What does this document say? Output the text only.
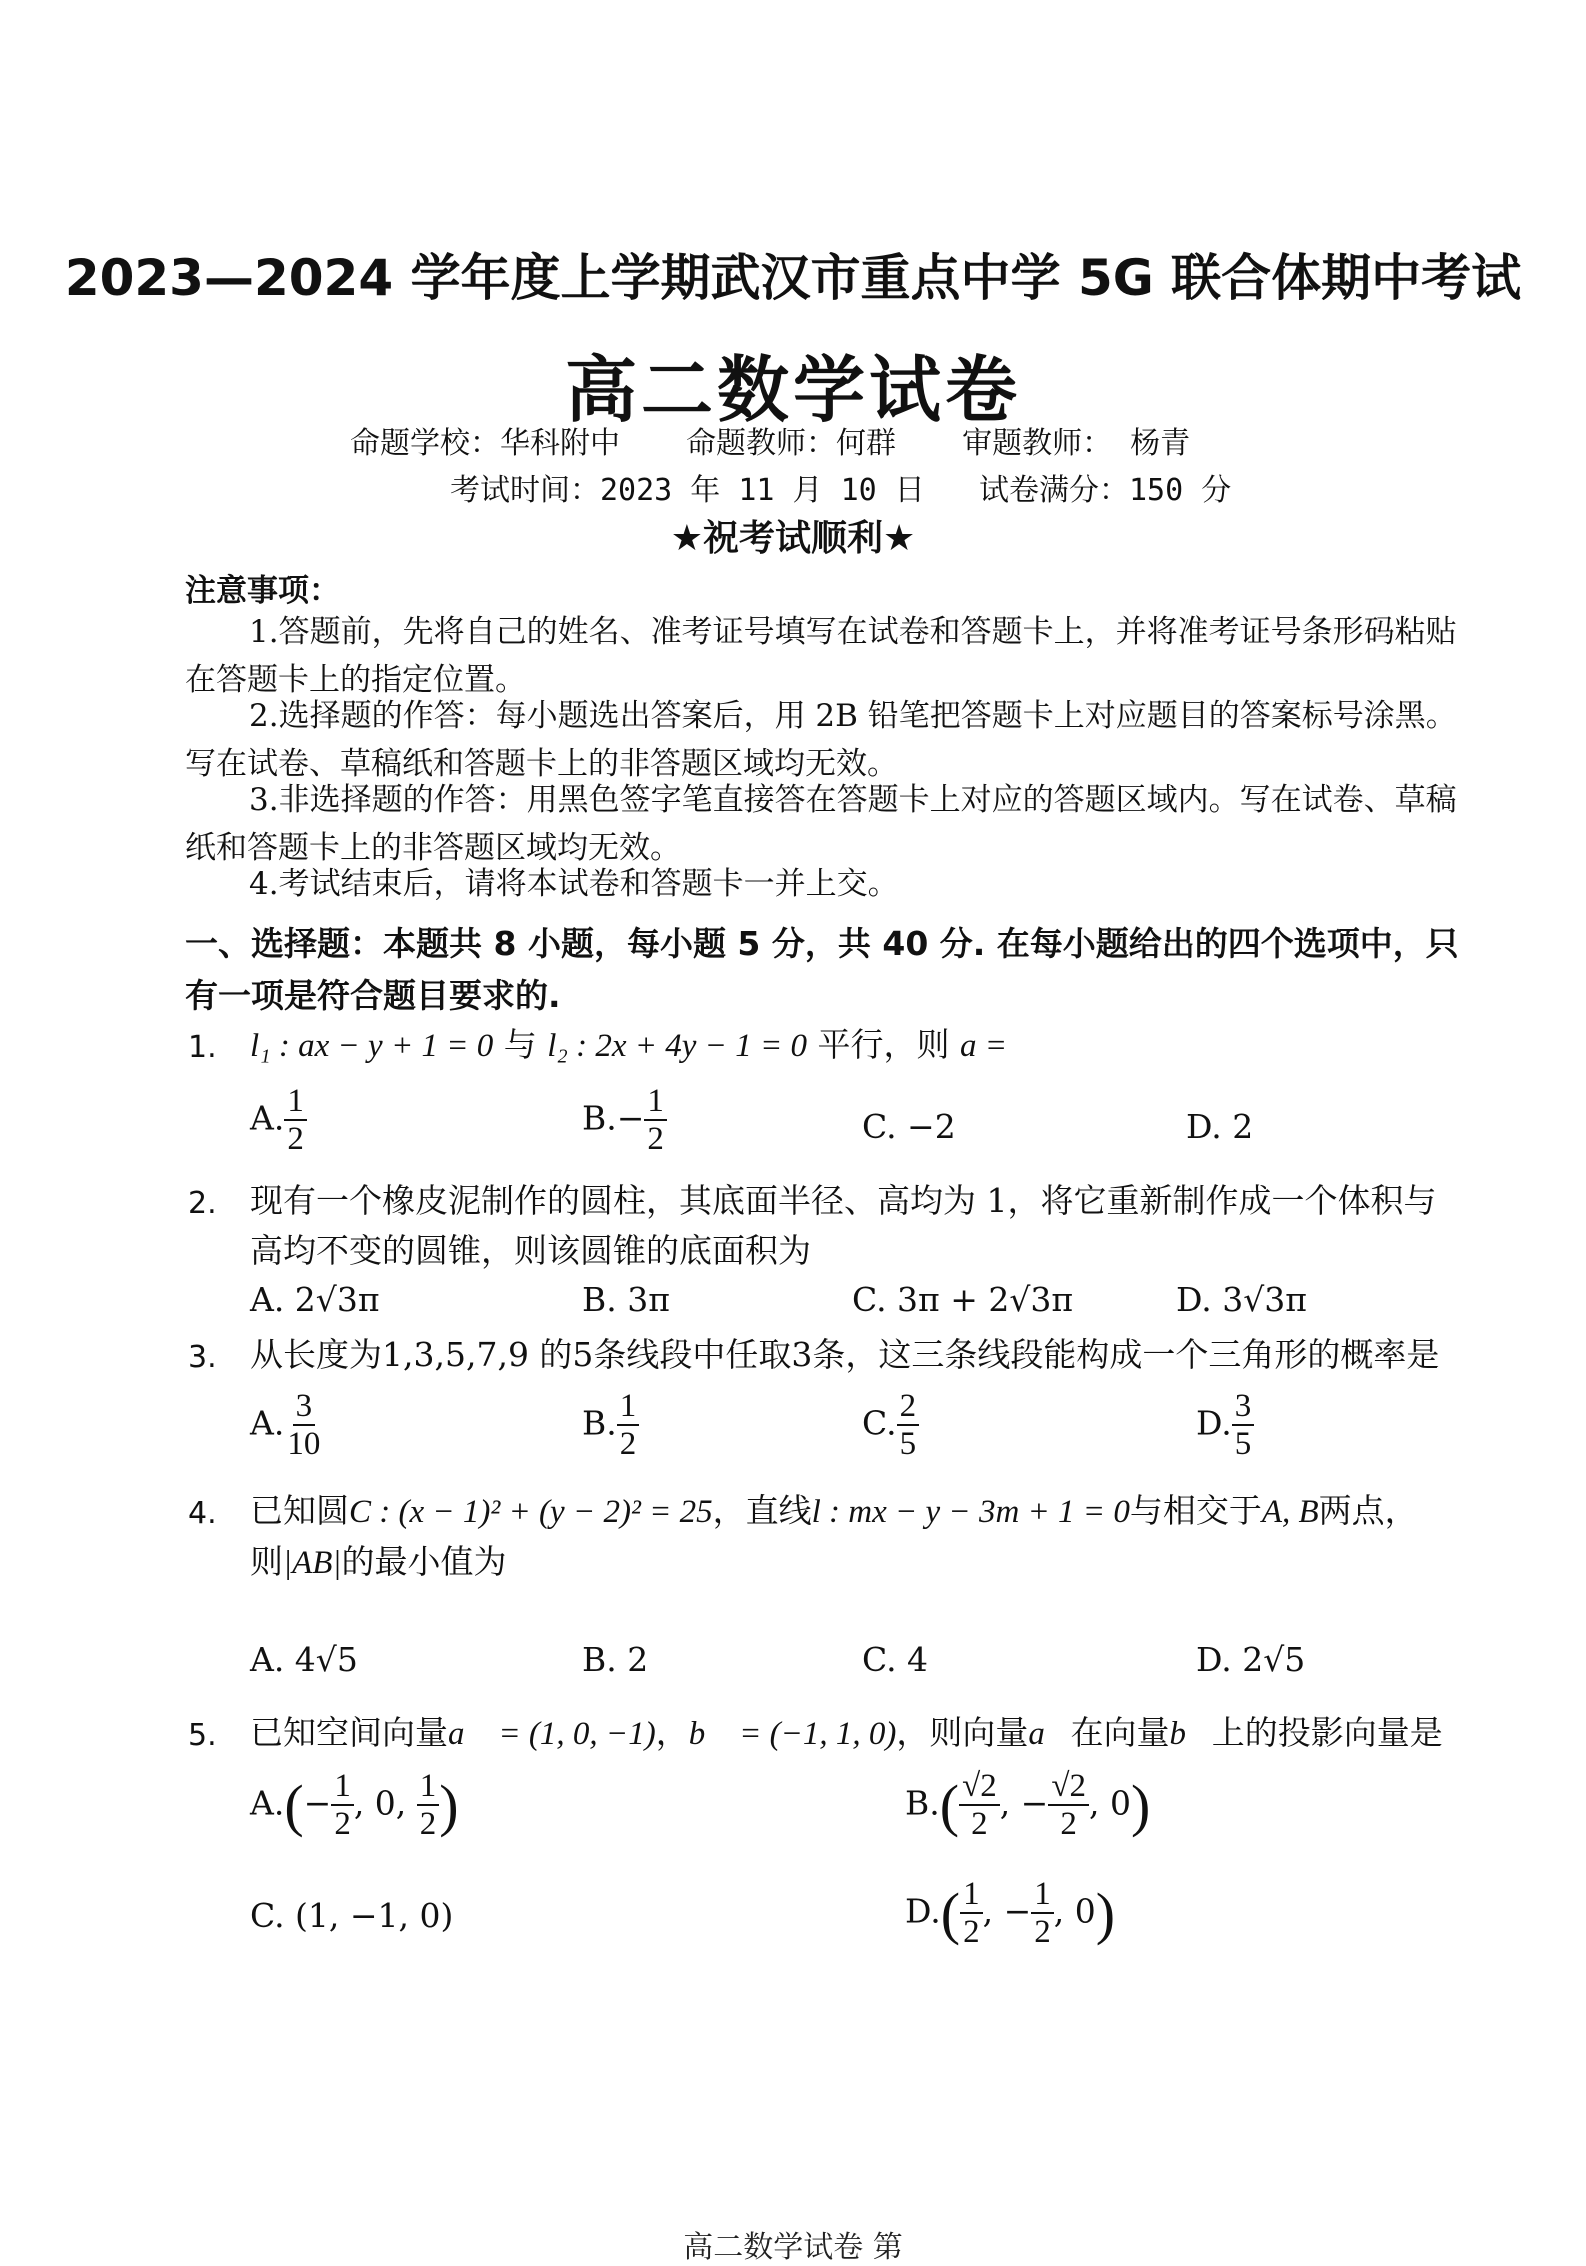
2023—2024 学年度上学期武汉市重点中学 5G 联合体期中考试
高二数学试卷
命题学校：华科附中 命题教师：何群 审题教师： 杨青
考试时间：2023 年 11 月 10 日 试卷满分：150 分
★祝考试顺利★
注意事项：
1.答题前，先将自己的姓名、准考证号填写在试卷和答题卡上，并将准考证号条形码粘贴在答题卡上的指定位置。
2.选择题的作答：每小题选出答案后，用 2B 铅笔把答题卡上对应题目的答案标号涂黑。写在试卷、草稿纸和答题卡上的非答题区域均无效。
3.非选择题的作答：用黑色签字笔直接答在答题卡上对应的答题区域内。写在试卷、草稿纸和答题卡上的非答题区域均无效。
4.考试结束后，请将本试卷和答题卡一并上交。
一、选择题：本题共 8 小题，每小题 5 分，共 40 分. 在每小题给出的四个选项中，只有一项是符合题目要求的.
1. l₁ : ax − y + 1 = 0 与 l₂ : 2x + 4y − 1 = 0 平行，则 a =
A. $\frac{1}{2}$	$B.- \frac{1}{2}$	C. −2	D. 2
2. 现有一个橡皮泥制作的圆柱，其底面半径、高均为 1，将它重新制作成一个体积与高均不变的圆锥，则该圆锥的底面积为
A. 2√3π	B. 3π	C. 3π + 2√3π	D. 3√3π
3. 从长度为1,3,5,7,9 的5条线段中任取3条，这三条线段能构成一个三角形的概率是
A. $\frac{3}{10}$	B. $\frac{1}{2}$	C. $\frac{2}{5}$	D. $\frac{3}{5}$
4. 已知圆C : (x − 1)² + (y − 2)² = 25，直线l : mx − y − 3m + 1 = 0与相交于A, B两点，
则|AB|的最小值为
A. 4√5	B. 2	C. 4	D. 2√5
5. 已知空间向量a⃗ = (1, 0, −1)，b⃗ = (−1, 1, 0)，则向量a⃗在向量b⃗上的投影向量是
$A.(- \frac{1}{2}$ , 0, $\frac{1}{2}$ )	$B.( \frac{√2}{2}$ , − $\frac{√2}{2}$ , 0)
C. (1, −1, 0)	$D.( \frac{1}{2}$ , − $\frac{1}{2}$ , 0)
高二数学试卷 第
